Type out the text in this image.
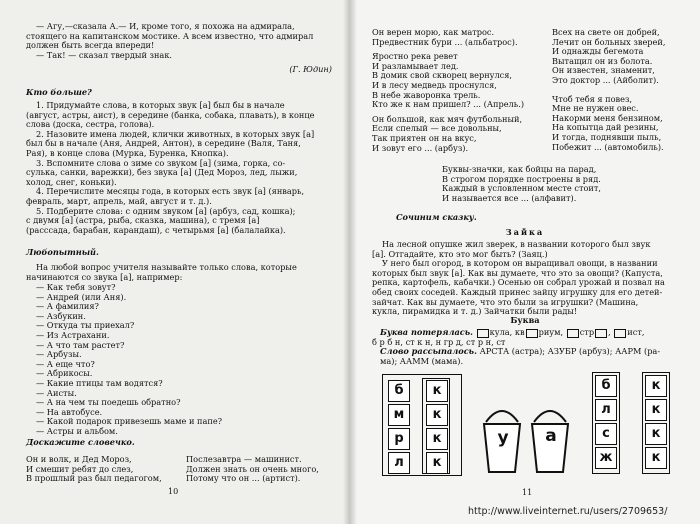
— Агу,—сказала А.— И, кроме того, я похожа на адмирала,
стоящего на капитанском мостике. А всем известно, что адмирал
должен быть всегда впереди!
— Так! — сказал твердый знак.
(Г. Юдин)
Кто больше?
1. Придумайте слова, в которых звук [а] был бы в начале
(август, астры, аист), в середине (банка, собака, плавать), в конце
слова (доска, сестра, голова).
2. Назовите имена людей, клички животных, в которых звук [а]
был бы в начале (Аня, Андрей, Антон), в середине (Валя, Таня,
Рая), в конце слова (Мурка, Буренка, Кнопка).
3. Вспомните слова о зиме со звуком [а] (зима, горка, со-
сулька, санки, варежки), без звука [а] (Дед Мороз, лед, лыжи,
холод, снег, коньки).
4. Перечислите месяцы года, в которых есть звук [а] (январь,
февраль, март, апрель, май, август и т. д.).
5. Подберите слова: с одним звуком [а] (арбуз, сад, кошка);
с двумя [а] (астра, рыба, сказка, машина), с тремя [а]
(расссада, барабан, карандаш), с четырьмя [а] (балалайка).
Любопытный.
На любой вопрос учителя называйте только слова, которые
начинаются со звука [а], например:
— Как тебя зовут?
— Андрей (или Аня).
— А фамилия?
— Азбукин.
— Откуда ты приехал?
— Из Астрахани.
— А что там растет?
— Арбузы.
— А еще что?
— Абрикосы.
— Какие птицы там водятся?
— Аисты.
— А на чем ты поедешь обратно?
— На автобусе.
— Какой подарок привезешь маме и папе?
— Астры и альбом.
Доскажите словечко.
Он и волк, и Дед Мороз,
И смешит ребят до слез,
В прошлый раз был педагогом,
Послезавтра — машинист.
Должен знать он очень много,
Потому что он ... (артист).
10
Он верен морю, как матрос.
Предвестник бури ... (альбатрос).
Яростно река ревет
И разламывает лед.
В домик свой скворец вернулся,
И в лесу медведь проснулся,
В небе жаворонка трель.
Кто же к нам пришел? ... (Апрель.)
Он большой, как мяч футбольный,
Если спелый — все довольны,
Так приятен он на вкус,
И зовут его ... (арбуз).
Всех на свете он добрей,
Лечит он больных зверей,
И однажды бегемота
Вытащил он из болота.
Он известен, знаменит,
Это доктор ... (Айболит).
Чтоб тебя я повез,
Мне не нужен овес.
Накорми меня бензином,
На копытца дай резины,
И тогда, поднявши пыль,
Побежит ... (автомобиль).
Буквы-значки, как бойцы на парад,
В строгом порядке построены в ряд.
Каждый в условленном месте стоит,
И называется все ... (алфавит).
Сочиним сказку.
Зайка
На лесной опушке жил зверек, в названии которого был звук
[а]. Отгадайте, кто это мог быть? (Заяц.)
У него был огород, в котором он выращивал овощи, в названии
которых был звук [а]. Как вы думаете, что это за овощи? (Капуста,
репка, картофель, кабачки.) Осенью он собрал урожай и позвал на
обед своих соседей. Каждый принес зайцу игрушку для его детей-
зайчат. Как вы думаете, что это были за игрушки? (Машина,
кукла, пирамидка и т. д.) Зайчатки были рады!
Буква
Буква потерялась. кула, кв риум, стр , ист,
б р б н, ст к н, н гр д, ст р н, ст
Слово рассыпалось. АРСТА (астра); АЗУБР (арбуз); ААРМ (ра-
ма); ААММ (мама).
б
м
р
л
к
к
к
к
у	а
б
л
с
ж
к
к
к
к
11
http://www.liveinternet.ru/users/2709653/
